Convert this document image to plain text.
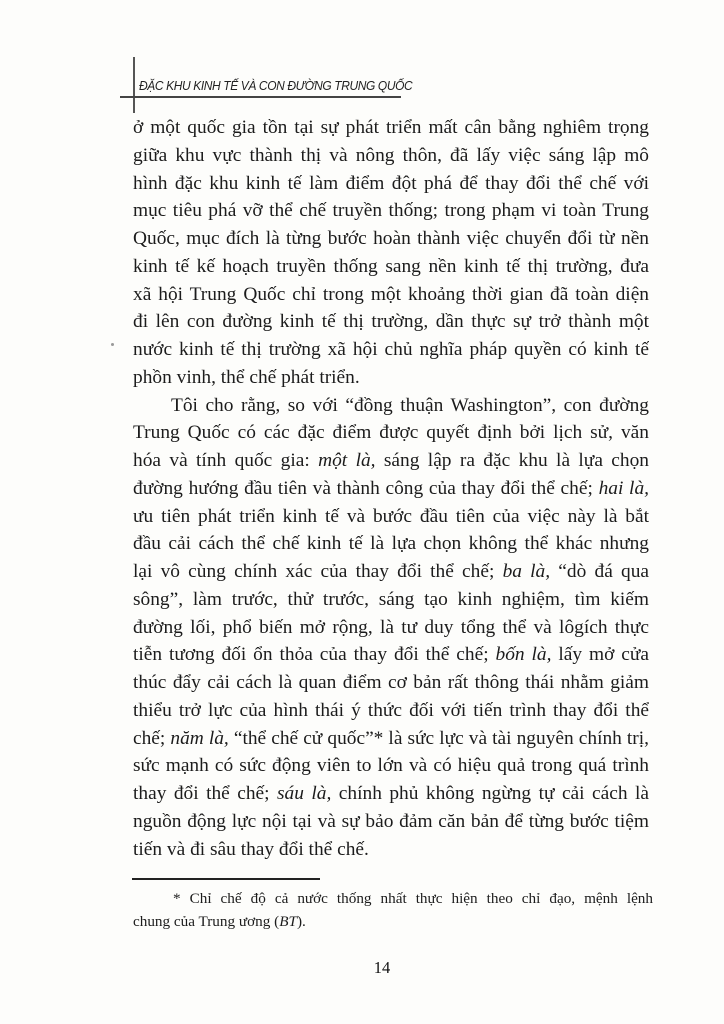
ĐẶC KHU KINH TẾ VÀ CON ĐƯỜNG TRUNG QUỐC
ở một quốc gia tồn tại sự phát triển mất cân bằng nghiêm trọng
giữa khu vực thành thị và nông thôn, đã lấy việc sáng lập mô
hình đặc khu kinh tế làm điểm đột phá để thay đổi thể chế với
mục tiêu phá vỡ thể chế truyền thống; trong phạm vi toàn Trung
Quốc, mục đích là từng bước hoàn thành việc chuyển đổi từ nền
kinh tế kế hoạch truyền thống sang nền kinh tế thị trường, đưa
xã hội Trung Quốc chỉ trong một khoảng thời gian đã toàn diện
đi lên con đường kinh tế thị trường, dần thực sự trở thành một
nước kinh tế thị trường xã hội chủ nghĩa pháp quyền có kinh tế
phồn vinh, thể chế phát triển.
Tôi cho rằng, so với “đồng thuận Washington”, con đường
Trung Quốc có các đặc điểm được quyết định bởi lịch sử, văn
hóa và tính quốc gia: một là, sáng lập ra đặc khu là lựa chọn
đường hướng đầu tiên và thành công của thay đổi thể chế; hai là,
ưu tiên phát triển kinh tế và bước đầu tiên của việc này là bắt
đầu cải cách thể chế kinh tế là lựa chọn không thể khác nhưng
lại vô cùng chính xác của thay đổi thể chế; ba là, “dò đá qua
sông”, làm trước, thử trước, sáng tạo kinh nghiệm, tìm kiếm
đường lối, phổ biến mở rộng, là tư duy tổng thể và lôgích thực
tiễn tương đối ổn thỏa của thay đổi thể chế; bốn là, lấy mở cửa
thúc đẩy cải cách là quan điểm cơ bản rất thông thái nhằm giảm
thiểu trở lực của hình thái ý thức đối với tiến trình thay đổi thể
chế; năm là, “thể chế cử quốc”* là sức lực và tài nguyên chính trị,
sức mạnh có sức động viên to lớn và có hiệu quả trong quá trình
thay đổi thể chế; sáu là, chính phủ không ngừng tự cải cách là
nguồn động lực nội tại và sự bảo đảm căn bản để từng bước tiệm
tiến và đi sâu thay đổi thể chế.
* Chỉ chế độ cả nước thống nhất thực hiện theo chỉ đạo, mệnh lệnh
chung của Trung ương (BT).
14
